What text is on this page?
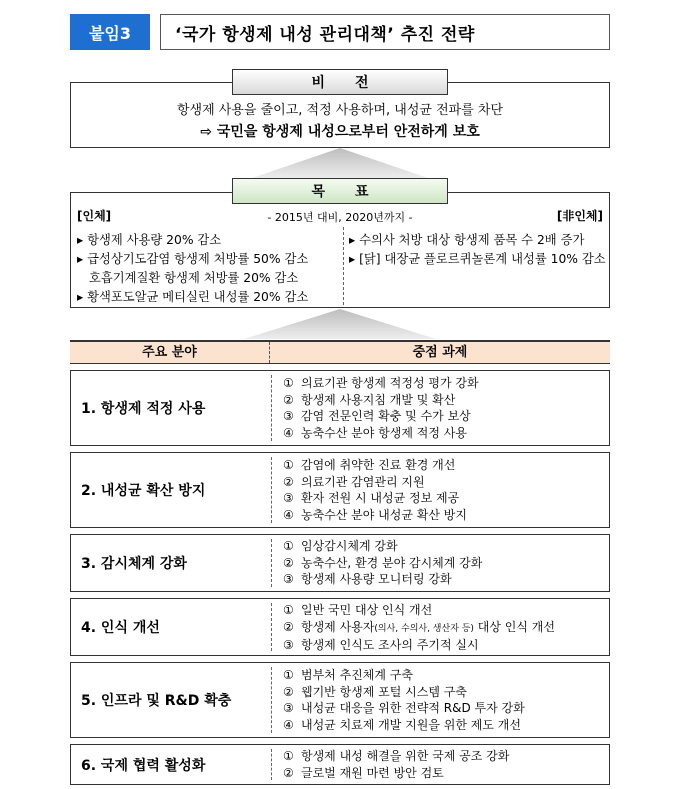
붙임3	‘국가 항생제 내성 관리대책’ 추진 전략
비전
항생제 사용을 줄이고, 적정 사용하며, 내성균 전파를 차단
⇨ 국민을 항생제 내성으로부터 안전하게 보호
목표
[인체]	- 2015년 대비, 2020년까지 -	[非인체]
▸ 항생제 사용량 20% 감소
▸ 급성상기도감염 항생제 처방률 50% 감소
호흡기계질환 항생제 처방률 20% 감소
▸ 황색포도알균 메티실린 내성률 20% 감소
▸ 수의사 처방 대상 항생제 품목 수 2배 증가
▸ [닭] 대장균 플로르퀴놀론계 내성률 10% 감소
주요 분야	중점 과제
1. 항생제 적정 사용
① 의료기관 항생제 적정성 평가 강화
② 항생제 사용지침 개발 및 확산
③ 감염 전문인력 확충 및 수가 보상
④ 농축수산 분야 항생제 적정 사용
2. 내성균 확산 방지
① 감염에 취약한 진료 환경 개선
② 의료기관 감염관리 지원
③ 환자 전원 시 내성균 정보 제공
④ 농축수산 분야 내성균 확산 방지
3. 감시체계 강화
① 임상감시체계 강화
② 농축수산, 환경 분야 감시체계 강화
③ 항생제 사용량 모니터링 강화
4. 인식 개선
① 일반 국민 대상 인식 개선
② 항생제 사용자(의사, 수의사, 생산자 등) 대상 인식 개선
③ 항생제 인식도 조사의 주기적 실시
5. 인프라 및 R&D 확충
① 범부처 추진체계 구축
② 웹기반 항생제 포털 시스템 구축
③ 내성균 대응을 위한 전략적 R&D 투자 강화
④ 내성균 치료제 개발 지원을 위한 제도 개선
6. 국제 협력 활성화
① 항생제 내성 해결을 위한 국제 공조 강화
② 글로벌 재원 마련 방안 검토
